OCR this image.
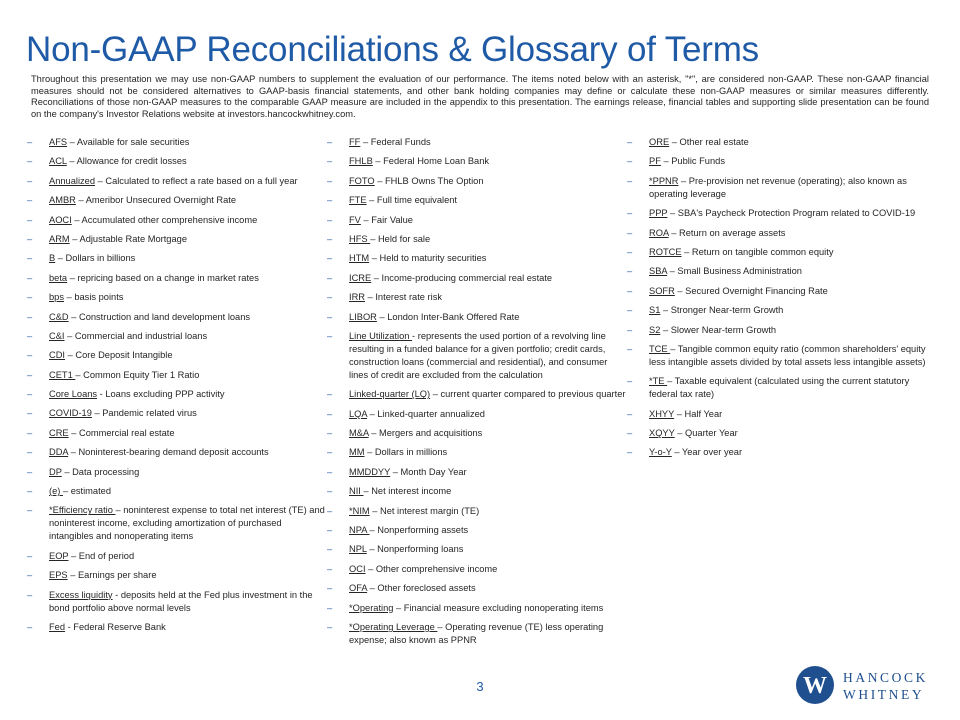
Non-GAAP Reconciliations & Glossary of Terms

Throughout this presentation we may use non-GAAP numbers to supplement the evaluation of our performance. The items noted below with an asterisk, "*", are considered non-GAAP. These non-GAAP financial measures should not be considered alternatives to GAAP-basis financial statements, and other bank holding companies may define or calculate these non-GAAP measures or similar measures differently. Reconciliations of those non-GAAP measures to the comparable GAAP measure are included in the appendix to this presentation. The earnings release, financial tables and supporting slide presentation can be found on the company's Investor Relations website at investors.hancockwhitney.com.

– AFS – Available for sale securities
– ACL – Allowance for credit losses
– Annualized – Calculated to reflect a rate based on a full year
– AMBR – Ameribor Unsecured Overnight Rate
– AOCI – Accumulated other comprehensive income
– ARM – Adjustable Rate Mortgage
– B – Dollars in billions
– beta – repricing based on a change in market rates
– bps – basis points
– C&D – Construction and land development loans
– C&I – Commercial and industrial loans
– CDI – Core Deposit Intangible
– CET1 – Common Equity Tier 1 Ratio
– Core Loans - Loans excluding PPP activity
– COVID-19 – Pandemic related virus
– CRE – Commercial real estate
– DDA – Noninterest-bearing demand deposit accounts
– DP – Data processing
– (e) – estimated
– *Efficiency ratio – noninterest expense to total net interest (TE) and noninterest income, excluding amortization of purchased intangibles and nonoperating items
– EOP – End of period
– EPS – Earnings per share
– Excess liquidity - deposits held at the Fed plus investment in the bond portfolio above normal levels
– Fed - Federal Reserve Bank
– FF – Federal Funds
– FHLB – Federal Home Loan Bank
– FOTO – FHLB Owns The Option
– FTE – Full time equivalent
– FV – Fair Value
– HFS – Held for sale
– HTM – Held to maturity securities
– ICRE – Income-producing commercial real estate
– IRR – Interest rate risk
– LIBOR – London Inter-Bank Offered Rate
– Line Utilization - represents the used portion of a revolving line resulting in a funded balance for a given portfolio; credit cards, construction loans (commercial and residential), and consumer lines of credit are excluded from the calculation
– Linked-quarter (LQ) – current quarter compared to previous quarter
– LQA – Linked-quarter annualized
– M&A – Mergers and acquisitions
– MM – Dollars in millions
– MMDDYY – Month Day Year
– NII – Net interest income
– *NIM – Net interest margin (TE)
– NPA – Nonperforming assets
– NPL – Nonperforming loans
– OCI – Other comprehensive income
– OFA – Other foreclosed assets
– *Operating – Financial measure excluding nonoperating items
– *Operating Leverage – Operating revenue (TE) less operating expense; also known as PPNR
– ORE – Other real estate
– PF – Public Funds
– *PPNR – Pre-provision net revenue (operating); also known as operating leverage
– PPP – SBA's Paycheck Protection Program related to COVID-19
– ROA – Return on average assets
– ROTCE – Return on tangible common equity
– SBA – Small Business Administration
– SOFR – Secured Overnight Financing Rate
– S1 – Stronger Near-term Growth
– S2 – Slower Near-term Growth
– TCE – Tangible common equity ratio (common shareholders' equity less intangible assets divided by total assets less intangible assets)
– *TE – Taxable equivalent (calculated using the current statutory federal tax rate)
– XHYY – Half Year
– XQYY – Quarter Year
– Y-o-Y – Year over year
3	W HANCOCK
WHITNEY
